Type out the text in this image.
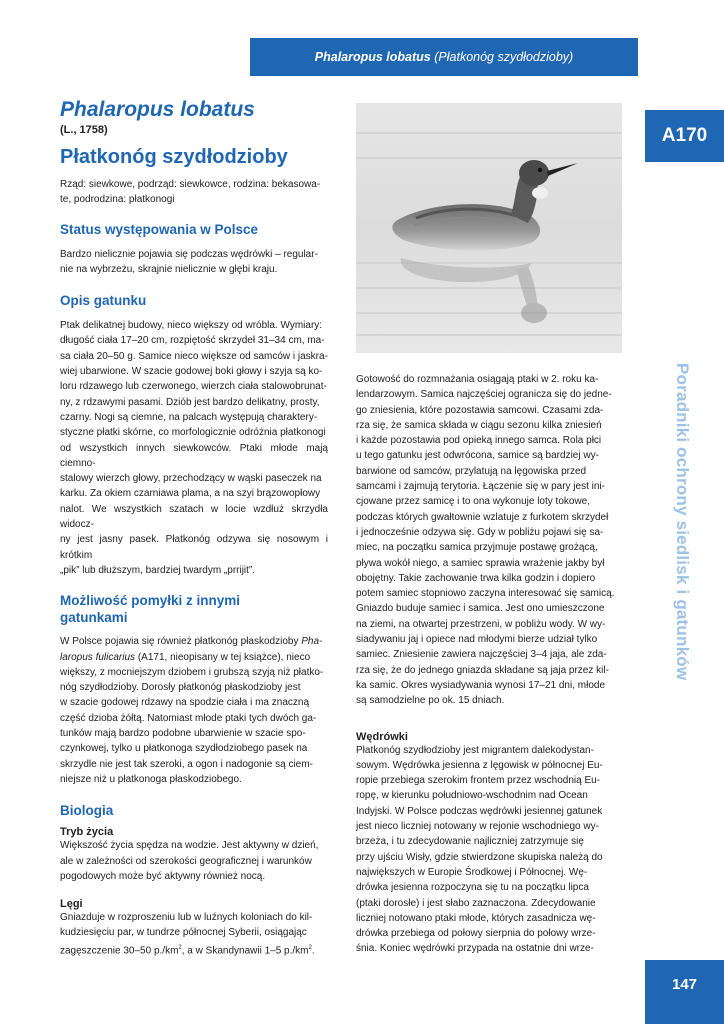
Phalaropus lobatus
(Płatkonóg szydłodzioby)
A170
Poradniki ochrony siedlisk i gatunków
147
Phalaropus lobatus
(L., 1758)
Płatkonóg szydłodzioby

Rząd: siewkowe, podrząd: siewkowce, rodzina: bekasowa-

te, podrodzina: płatkonogi

Status występowania w Polsce

Bardzo nielicznie pojawia się podczas wędrówki – regular-

nie na wybrzeżu, skrajnie nielicznie w głębi kraju.

Opis gatunku

Ptak delikatnej budowy, nieco większy od wróbla. Wymiary:

długość ciała 17–20 cm, rozpiętość skrzydeł 31–34 cm, ma-

sa ciała 20–50 g. Samice nieco większe od samców i jaskra-

wiej ubarwione. W szacie godowej boki głowy i szyja są ko-

loru rdzawego lub czerwonego, wierzch ciała stalowobrunat-

ny, z rdzawymi pasami. Dziób jest bardzo delikatny, prosty,

czarny. Nogi są ciemne, na palcach występują charaktery-

styczne płatki skórne, co morfologicznie odróżnia płatkonogi

od wszystkich innych siewkowców. Ptaki młode mają ciemno-

stalowy wierzch głowy, przechodzący w wąski paseczek na

karku. Za okiem czarniawa plama, a na szyi brązowopłowy

nalot. We wszystkich szatach w locie wzdłuż skrzydła widocz-

ny jest jasny pasek. Płatkonóg odzywa się nosowym i krótkim

„pik” lub dłuższym, bardziej twardym „prrijit”.

Możliwość pomyłki z innymi
gatunkami

W Polsce pojawia się również płatkonóg płaskodzioby Pha-

laropus fulicarius (A171, nieopisany w tej książce), nieco

większy, z mocniejszym dziobem i grubszą szyją niż płatko-

nóg szydłodzioby. Dorosły płatkonóg płaskodzioby jest

w szacie godowej rdzawy na spodzie ciała i ma znaczną

część dzioba żółtą. Natomiast młode ptaki tych dwóch ga-

tunków mają bardzo podobne ubarwienie w szacie spo-

czynkowej, tylko u płatkonoga szydłodziobego pasek na

skrzydle nie jest tak szeroki, a ogon i nadogonie są ciem-

niejsze niż u płatkonoga płaskodziobego.

Biologia
Tryb życia

Większość życia spędza na wodzie. Jest aktywny w dzień,

ale w zależności od szerokości geograficznej i warunków

pogodowych może być aktywny również nocą.

Lęgi

Gniazduje w rozproszeniu lub w luźnych koloniach do kil-

kudziesięciu par, w tundrze północnej Syberii, osiągając

zagęszczenie 30–50 $p./km^2$, a w Skandynawii 1–5 $p./km^2$.

Gotowość do rozmnażania osiągają ptaki w 2. roku ka-

lendarzowym. Samica najczęściej ogranicza się do jedne-

go zniesienia, które pozostawia samcowi. Czasami zda-

rza się, że samica składa w ciągu sezonu kilka zniesień

i każde pozostawia pod opieką innego samca. Rola płci

u tego gatunku jest odwrócona, samice są bardziej wy-

barwione od samców, przylatują na lęgowiska przed

samcami i zajmują terytoria. Łączenie się w pary jest ini-

cjowane przez samicę i to ona wykonuje loty tokowe,

podczas których gwałtownie wzlatuje z furkotem skrzydeł

i jednocześnie odzywa się. Gdy w pobliżu pojawi się sa-

miec, na początku samica przyjmuje postawę grożącą,

pływa wokół niego, a samiec sprawia wrażenie jakby był

obojętny. Takie zachowanie trwa kilka godzin i dopiero

potem samiec stopniowo zaczyna interesować się samicą.

Gniazdo buduje samiec i samica. Jest ono umieszczone

na ziemi, na otwartej przestrzeni, w pobliżu wody. W wy-

siadywaniu jaj i opiece nad młodymi bierze udział tylko

samiec. Zniesienie zawiera najczęściej 3–4 jaja, ale zda-

rza się, że do jednego gniazda składane są jaja przez kil-

ka samic. Okres wysiadywania wynosi 17–21 dni, młode

są samodzielne po ok. 15 dniach.

Wędrówki

Płatkonóg szydłodzioby jest migrantem dalekodystan-

sowym. Wędrówka jesienna z lęgowisk w północnej Eu-

ropie przebiega szerokim frontem przez wschodnią Eu-

ropę, w kierunku południowo-wschodnim nad Ocean

Indyjski. W Polsce podczas wędrówki jesiennej gatunek

jest nieco liczniej notowany w rejonie wschodniego wy-

brzeża, i tu zdecydowanie najliczniej zatrzymuje się

przy ujściu Wisły, gdzie stwierdzone skupiska należą do

największych w Europie Środkowej i Północnej. Wę-

drówka jesienna rozpoczyna się tu na początku lipca

(ptaki dorosłe) i jest słabo zaznaczona. Zdecydowanie

liczniej notowano ptaki młode, których zasadnicza wę-

drówka przebiega od połowy sierpnia do połowy wrze-

śnia. Koniec wędrówki przypada na ostatnie dni wrze-
